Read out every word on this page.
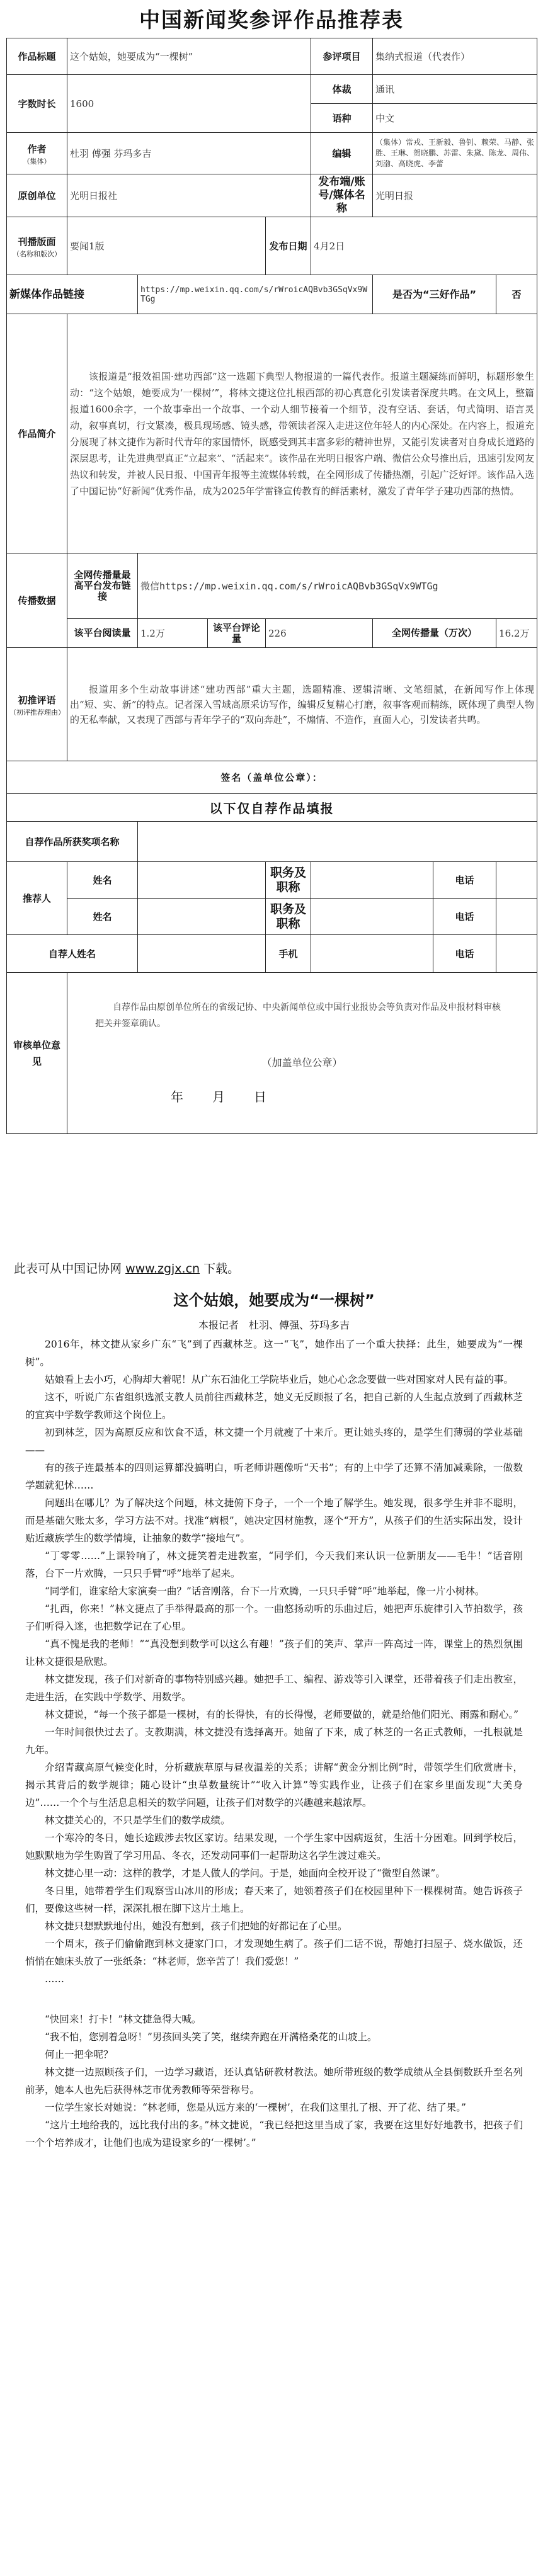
中国新闻奖参评作品推荐表
作品标题	这个姑娘，她要成为“一棵树”				参评项目	集纳式报道（代表作）		
字数时长	1600				体裁	通讯		
					语种	中文		
作者
（集体）	杜羽 傅强 芬玛多吉				编辑	（集体）常戎、王新毅、鲁钊、赖荣、马静、张胜、王琳、贺晓鹏、苏雷、朱黛、陈龙、周伟、刘渤、高晓虎、李蕾		
原创单位	光明日报社				发布端/账号/媒体名称	光明日报		
刊播版面
（名称和版次）	要闻1版			发布日期	4月2日			
新媒体作品链接		https://mp.weixin.qq.com/s/rWroicAQBvb3GSqVx9WTGg				是否为“三好作品”		否
作品简介	该报道是“报效祖国·建功西部”这一选题下典型人物报道的一篇代表作。报道主题凝练而鲜明，标题形象生动：“这个姑娘，她要成为‘一棵树’”，将林文捷这位扎根西部的初心真意化引发读者深度共鸣。在文风上，整篇报道1600余字，一个故事牵出一个故事、一个动人细节接着一个细节，没有空话、套话，句式简明、语言灵动，叙事真切，行文紧凑，极具现场感、镜头感，带领读者深入走进这位年轻人的内心深处。在内容上，报道充分展现了林文捷作为新时代青年的家国情怀，既感受到其丰富多彩的精神世界，又能引发读者对自身成长道路的深层思考，让先进典型真正“立起来”、“活起来”。该作品在光明日报客户端、微信公众号推出后，迅速引发网友热议和转发，并被人民日报、中国青年报等主流媒体转载，在全网形成了传播热潮，引起广泛好评。该作品入选了中国记协“好新闻”优秀作品，成为2025年学雷锋宣传教育的鲜活素材，激发了青年学子建功西部的热情。							
传播数据	全网传播量最高平台发布链接	微信https://mp.weixin.qq.com/s/rWroicAQBvb3GSqVx9WTGg						
	该平台阅读量	1.2万	该平台评论量	226		全网传播量（万次）		16.2万
初推评语
（初评推荐理由）	报道用多个生动故事讲述“建功西部”重大主题，选题精准、逻辑清晰、文笔细腻，在新闻写作上体现出“短、实、新”的特点。记者深入雪域高原采访写作，编辑反复精心打磨，叙事客观而精练，既体现了典型人物的无私奉献，又表现了西部与青年学子的“双向奔赴”，不煽情、不造作，直面人心，引发读者共鸣。							
签名（盖单位公章）：								
以下仅自荐作品填报								
自荐作品所获奖项名称								
推荐人	姓名			职务及职称			电话	
	姓名			职务及职称			电话	
自荐人姓名				手机			电话	
审核单位意见	自荐作品由原创单位所在的省级记协、中央新闻单位或中国行业报协会等负责对作品及申报材料审核把关并签章确认。
（加盖单位公章）
年　　月　　日							
此表可从中国记协网 www.zgjx.cn 下载。
这个姑娘，她要成为“一棵树”
本报记者　杜羽、傅强、芬玛多吉

2016年，林文捷从家乡广东“飞”到了西藏林芝。这一“飞”，她作出了一个重大抉择：此生，她要成为“一棵树”。

姑娘看上去小巧，心胸却大着呢！从广东石油化工学院毕业后，她心心念念要做一些对国家对人民有益的事。

这不，听说广东省组织选派支教人员前往西藏林芝，她义无反顾报了名，把自己新的人生起点放到了西藏林芝的宜宾中学数学教师这个岗位上。

初到林芝，因为高原反应和饮食不适，林文捷一个月就瘦了十来斤。更让她头疼的，是学生们薄弱的学业基础——

有的孩子连最基本的四则运算都没搞明白，听老师讲题像听“天书”；有的上中学了还算不清加减乘除，一做数学题就犯怵……

问题出在哪儿？为了解决这个问题，林文捷俯下身子，一个一个地了解学生。她发现，很多学生并非不聪明，而是基础欠账太多，学习方法不对。找准“病根”，她决定因材施教，逐个“开方”，从孩子们的生活实际出发，设计贴近藏族学生的数学情境，让抽象的数学“接地气”。

“丁零零……”上课铃响了，林文捷笑着走进教室，“同学们，今天我们来认识一位新朋友——毛牛！”话音刚落，台下一片欢腾，一只只手臂“呼”地举了起来。

“同学们，谁家给大家演奏一曲？”话音刚落，台下一片欢腾，一只只手臂“呼”地举起，像一片小树林。

“扎西，你来！”林文捷点了手举得最高的那一个。一曲悠扬动听的乐曲过后，她把声乐旋律引入节拍数学，孩子们听得入迷，也把数学记在了心里。

“真不愧是我的老师！”“真没想到数学可以这么有趣！”孩子们的笑声、掌声一阵高过一阵，课堂上的热烈氛围让林文捷很是欣慰。

林文捷发现，孩子们对新奇的事物特别感兴趣。她把手工、编程、游戏等引入课堂，还带着孩子们走出教室，走进生活，在实践中学数学、用数学。

林文捷说，“每一个孩子都是一棵树，有的长得快，有的长得慢，老师要做的，就是给他们阳光、雨露和耐心。”

一年时间很快过去了。支教期满，林文捷没有选择离开。她留了下来，成了林芝的一名正式教师，一扎根就是九年。

介绍青藏高原气候变化时，分析藏族草原与昼夜温差的关系；讲解“黄金分割比例”时，带领学生们欣赏唐卡，揭示其背后的数学规律；随心设计“虫草数量统计”“收入计算”等实践作业，让孩子们在家乡里面发现“大美身边”……一个个与生活息息相关的数学问题，让孩子们对数学的兴趣越来越浓厚。

林文捷关心的，不只是学生们的数学成绩。

一个寒冷的冬日，她长途跋涉去牧区家访。结果发现，一个学生家中因病返贫，生活十分困难。回到学校后，她默默地为学生购置了学习用品、冬衣，还发动同事们一起帮助这名学生渡过难关。

林文捷心里一动：这样的教学，才是人做人的学问。于是，她面向全校开设了“微型自然课”。

冬日里，她带着学生们观察雪山冰川的形成；春天来了，她领着孩子们在校园里种下一棵棵树苗。她告诉孩子们，要像这些树一样，深深扎根在脚下这片土地上。

林文捷只想默默地付出，她没有想到，孩子们把她的好都记在了心里。

一个周末，孩子们偷偷跑到林文捷家门口，才发现她生病了。孩子们二话不说，帮她打扫屋子、烧水做饭，还悄悄在她床头放了一张纸条：“林老师，您辛苦了！我们爱您！”

……

“快回来！打卡！”林文捷急得大喊。

“我不怕，您别着急呀！”男孩回头笑了笑，继续奔跑在开满格桑花的山坡上。

何止一把伞呢？

林文捷一边照顾孩子们，一边学习藏语，还认真钻研教材教法。她所带班级的数学成绩从全县倒数跃升至名列前茅，她本人也先后获得林芝市优秀教师等荣誉称号。

一位学生家长对她说：“林老师，您是从远方来的‘一棵树’，在我们这里扎了根、开了花、结了果。”

“这片土地给我的，远比我付出的多。”林文捷说，“我已经把这里当成了家，我要在这里好好地教书，把孩子们一个个培养成才，让他们也成为建设家乡的‘一棵树’。”
